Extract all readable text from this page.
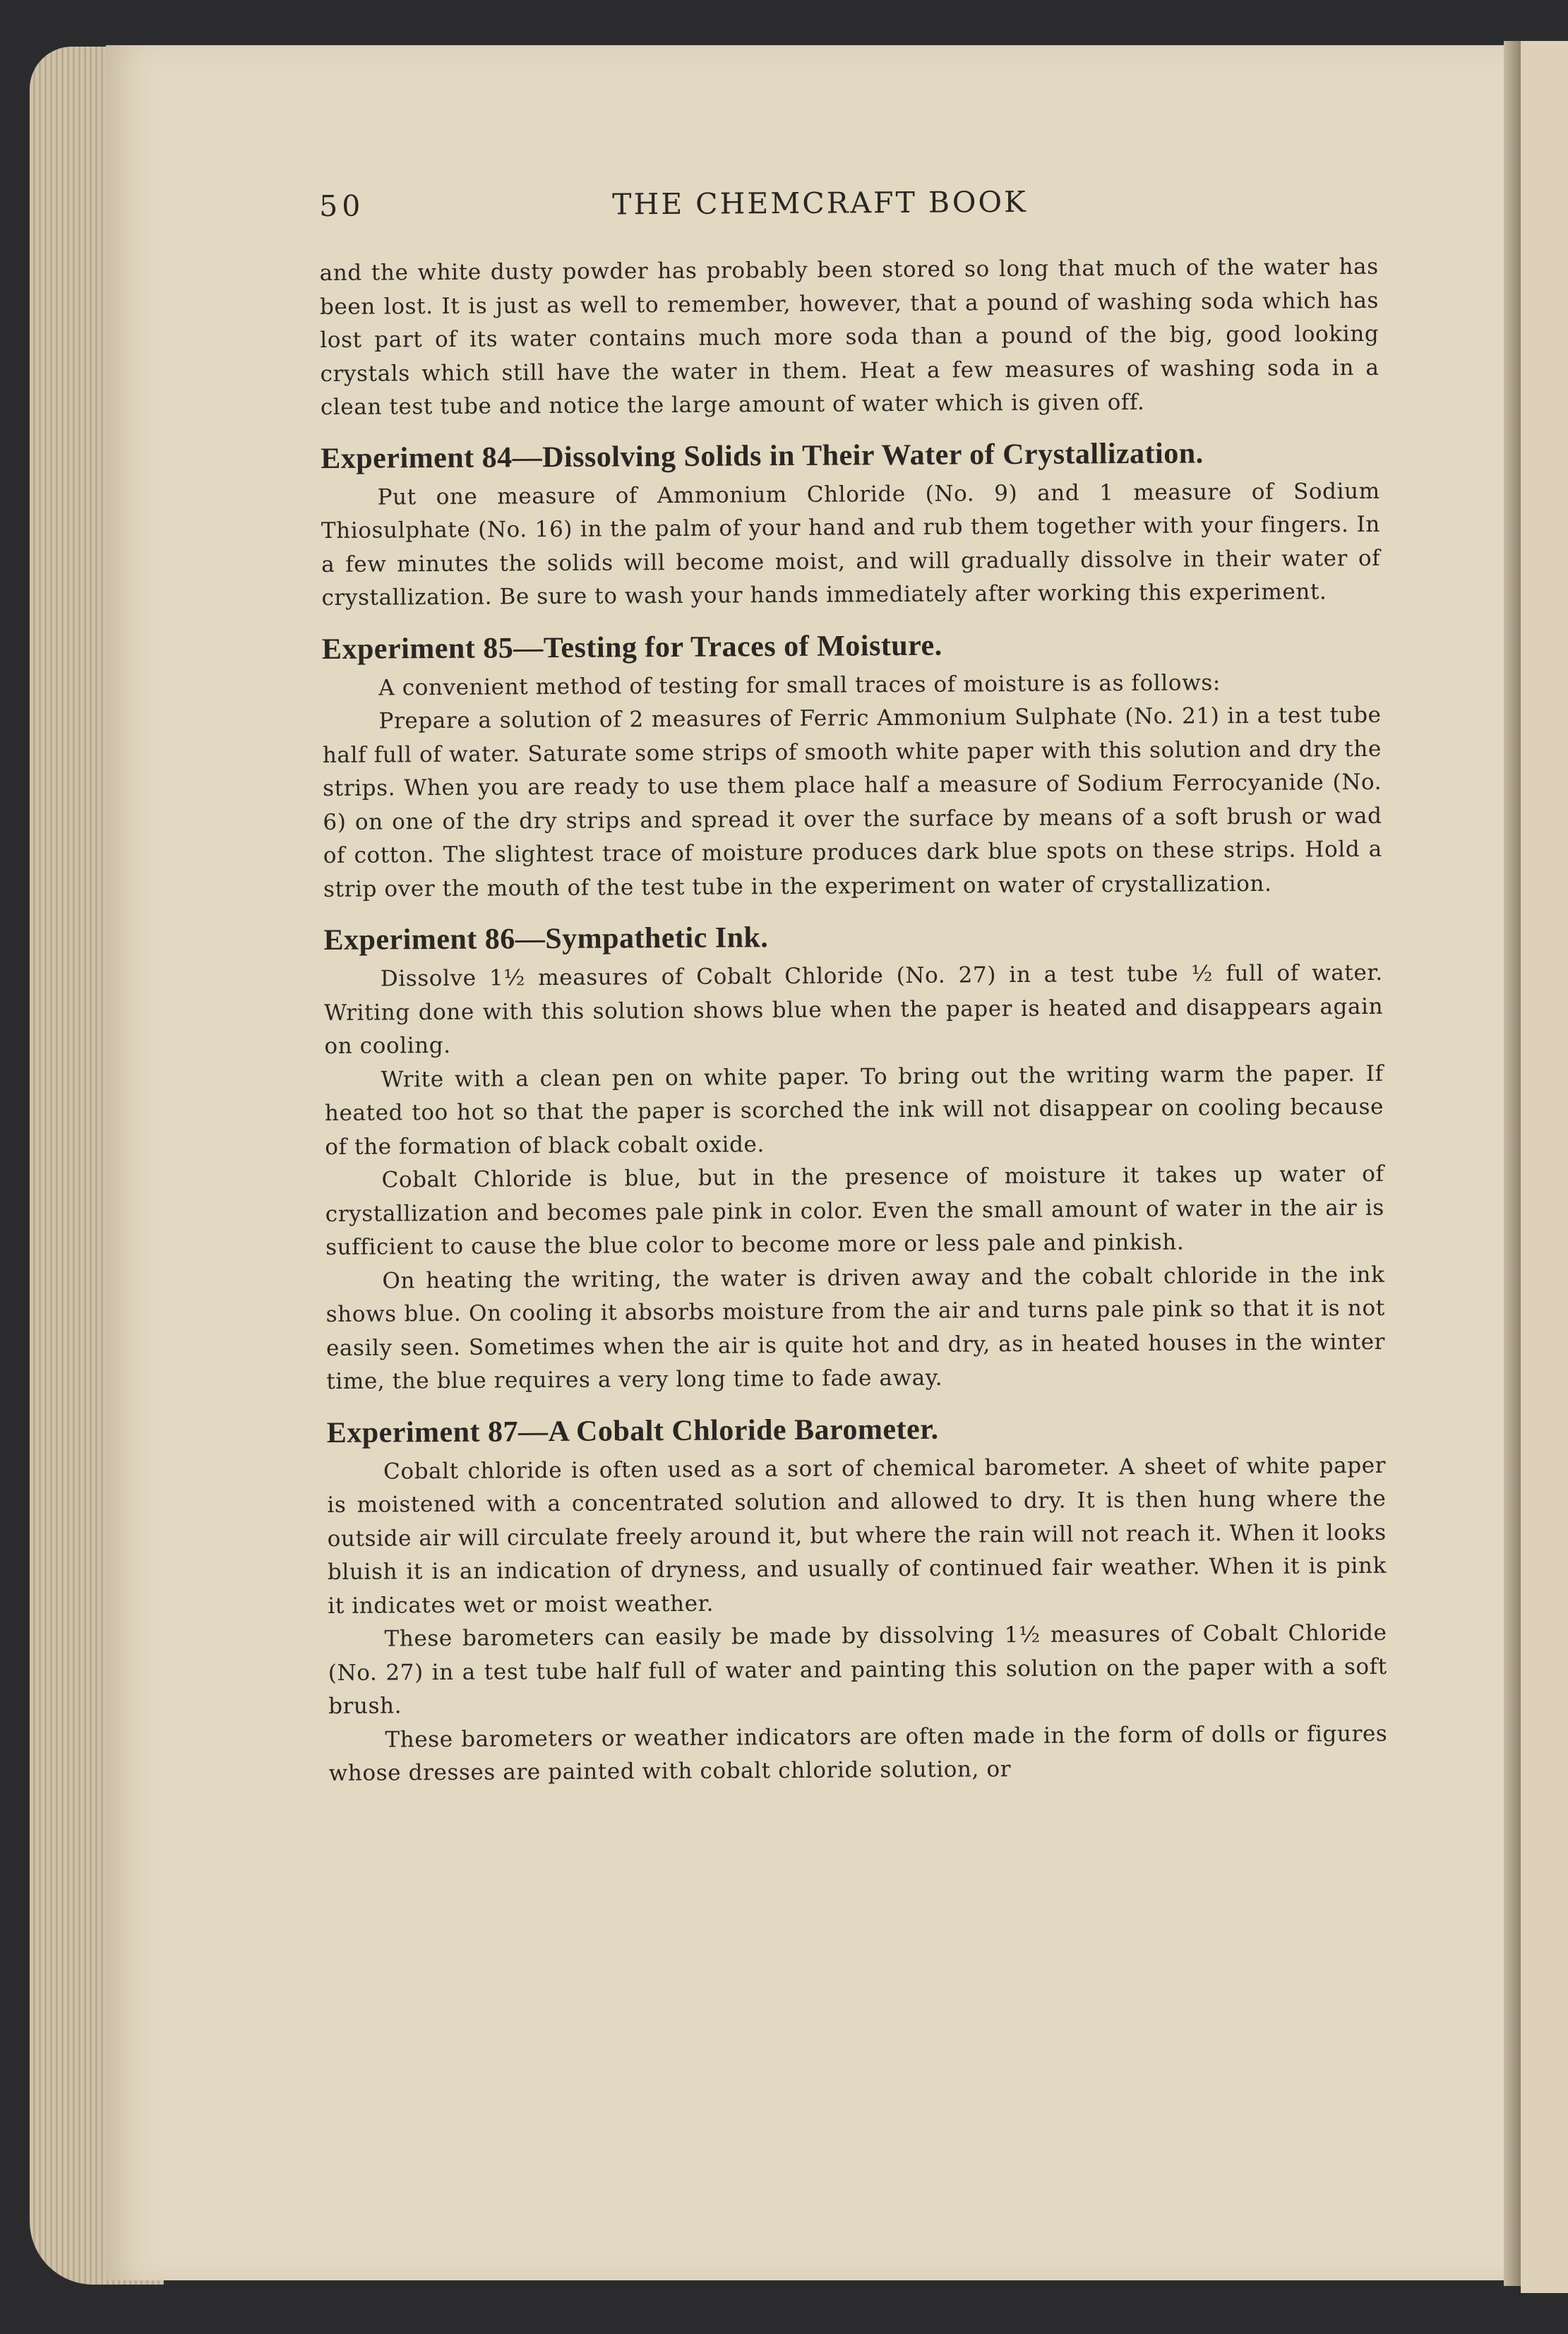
50	THE CHEMCRAFT BOOK

and the white dusty powder has probably been stored so long that much of the water has been lost. It is just as well to remember, however, that a pound of washing soda which has lost part of its water contains much more soda than a pound of the big, good looking crystals which still have the water in them. Heat a few measures of washing soda in a clean test tube and notice the large amount of water which is given off.

Experiment 84—Dissolving Solids in Their Water of Crystallization.

Put one measure of Ammonium Chloride (No. 9) and 1 measure of Sodium Thiosulphate (No. 16) in the palm of your hand and rub them together with your fingers. In a few minutes the solids will become moist, and will gradually dissolve in their water of crystallization. Be sure to wash your hands immediately after working this experiment.

Experiment 85—Testing for Traces of Moisture.

A convenient method of testing for small traces of moisture is as follows:

Prepare a solution of 2 measures of Ferric Ammonium Sulphate (No. 21) in a test tube half full of water. Saturate some strips of smooth white paper with this solution and dry the strips. When you are ready to use them place half a measure of Sodium Ferrocyanide (No. 6) on one of the dry strips and spread it over the surface by means of a soft brush or wad of cotton. The slightest trace of moisture produces dark blue spots on these strips. Hold a strip over the mouth of the test tube in the experiment on water of crystallization.

Experiment 86—Sympathetic Ink.

Dissolve 1½ measures of Cobalt Chloride (No. 27) in a test tube ½ full of water. Writing done with this solution shows blue when the paper is heated and disappears again on cooling.

Write with a clean pen on white paper. To bring out the writing warm the paper. If heated too hot so that the paper is scorched the ink will not disappear on cooling because of the formation of black cobalt oxide.

Cobalt Chloride is blue, but in the presence of moisture it takes up water of crystallization and becomes pale pink in color. Even the small amount of water in the air is sufficient to cause the blue color to become more or less pale and pinkish.

On heating the writing, the water is driven away and the cobalt chloride in the ink shows blue. On cooling it absorbs moisture from the air and turns pale pink so that it is not easily seen. Sometimes when the air is quite hot and dry, as in heated houses in the winter time, the blue requires a very long time to fade away.

Experiment 87—A Cobalt Chloride Barometer.

Cobalt chloride is often used as a sort of chemical barometer. A sheet of white paper is moistened with a concentrated solution and allowed to dry. It is then hung where the outside air will circulate freely around it, but where the rain will not reach it. When it looks bluish it is an indication of dryness, and usually of continued fair weather. When it is pink it indicates wet or moist weather.

These barometers can easily be made by dissolving 1½ measures of Cobalt Chloride (No. 27) in a test tube half full of water and painting this solution on the paper with a soft brush.

These barometers or weather indicators are often made in the form of dolls or figures whose dresses are painted with cobalt chloride solution, or
